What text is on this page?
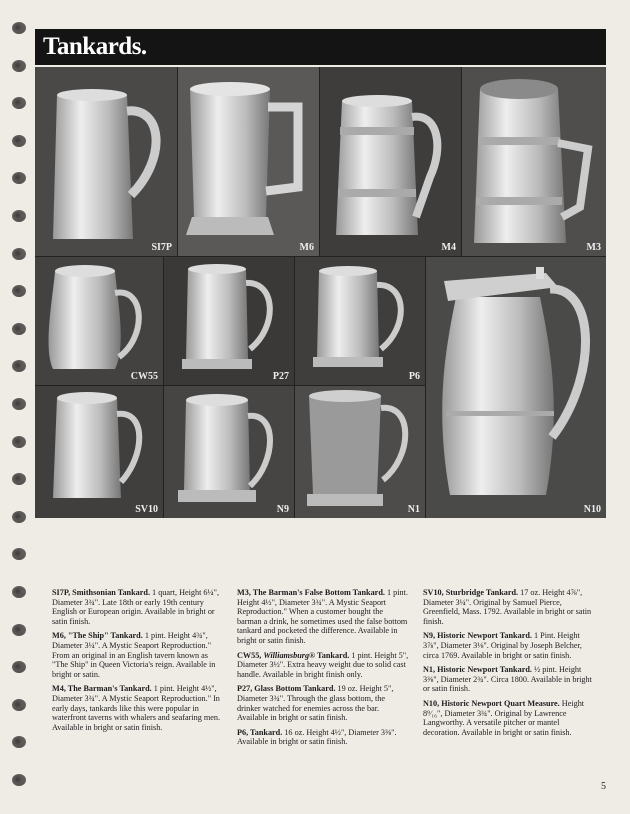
Tankards.
SI7P	M6	M4	M3
CW55	P27	P6
N10
SV10	N9	N1

SI7P, Smithsonian Tankard. 1 quart, Height 6¼", Diameter 3¾". Late 18th or early 19th century English or European origin. Available in bright or satin finish.

M6, "The Ship" Tankard. 1 pint. Height 4¾", Diameter 3¼". A Mystic Seaport Reproduction." From an original in an English tavern known as "The Ship" in Queen Victoria's reign. Available in bright or satin.

M4, The Barman's Tankard. 1 pint. Height 4½", Diameter 3¾". A Mystic Seaport Reproduction." In early days, tankards like this were popular in waterfront taverns with whalers and seafaring men. Available in bright or satin finish.

M3, The Barman's False Bottom Tankard. 1 pint. Height 4½", Diameter 3¾". A Mystic Seaport Reproduction." When a customer bought the barman a drink, he sometimes used the false bottom tankard and pocketed the difference. Available in bright or satin finish.

CW55, Williamsburg® Tankard. 1 pint. Height 5", Diameter 3½". Extra heavy weight due to solid cast handle. Available in bright finish only.

P27, Glass Bottom Tankard. 19 oz. Height 5", Diameter 3¾". Through the glass bottom, the drinker watched for enemies across the bar. Available in bright or satin finish.

P6, Tankard. 16 oz. Height 4½", Diameter 3⅜". Available in bright or satin finish.

SV10, Sturbridge Tankard. 17 oz. Height 4⅞", Diameter 3¼". Original by Samuel Pierce, Greenfield, Mass. 1792. Available in bright or satin finish.

N9, Historic Newport Tankard. 1 Pint. Height 3⅞", Diameter 3⅛". Original by Joseph Belcher, circa 1769. Available in bright or satin finish.

N1, Historic Newport Tankard. ½ pint. Height 3⅜", Diameter 2¾". Circa 1800. Available in bright or satin finish.

N10, Historic Newport Quart Measure. Height 8⁹⁄₁₆", Diameter 3¾". Original by Lawrence Langworthy. A versatile pitcher or mantel decoration. Available in bright or satin finish.

5
